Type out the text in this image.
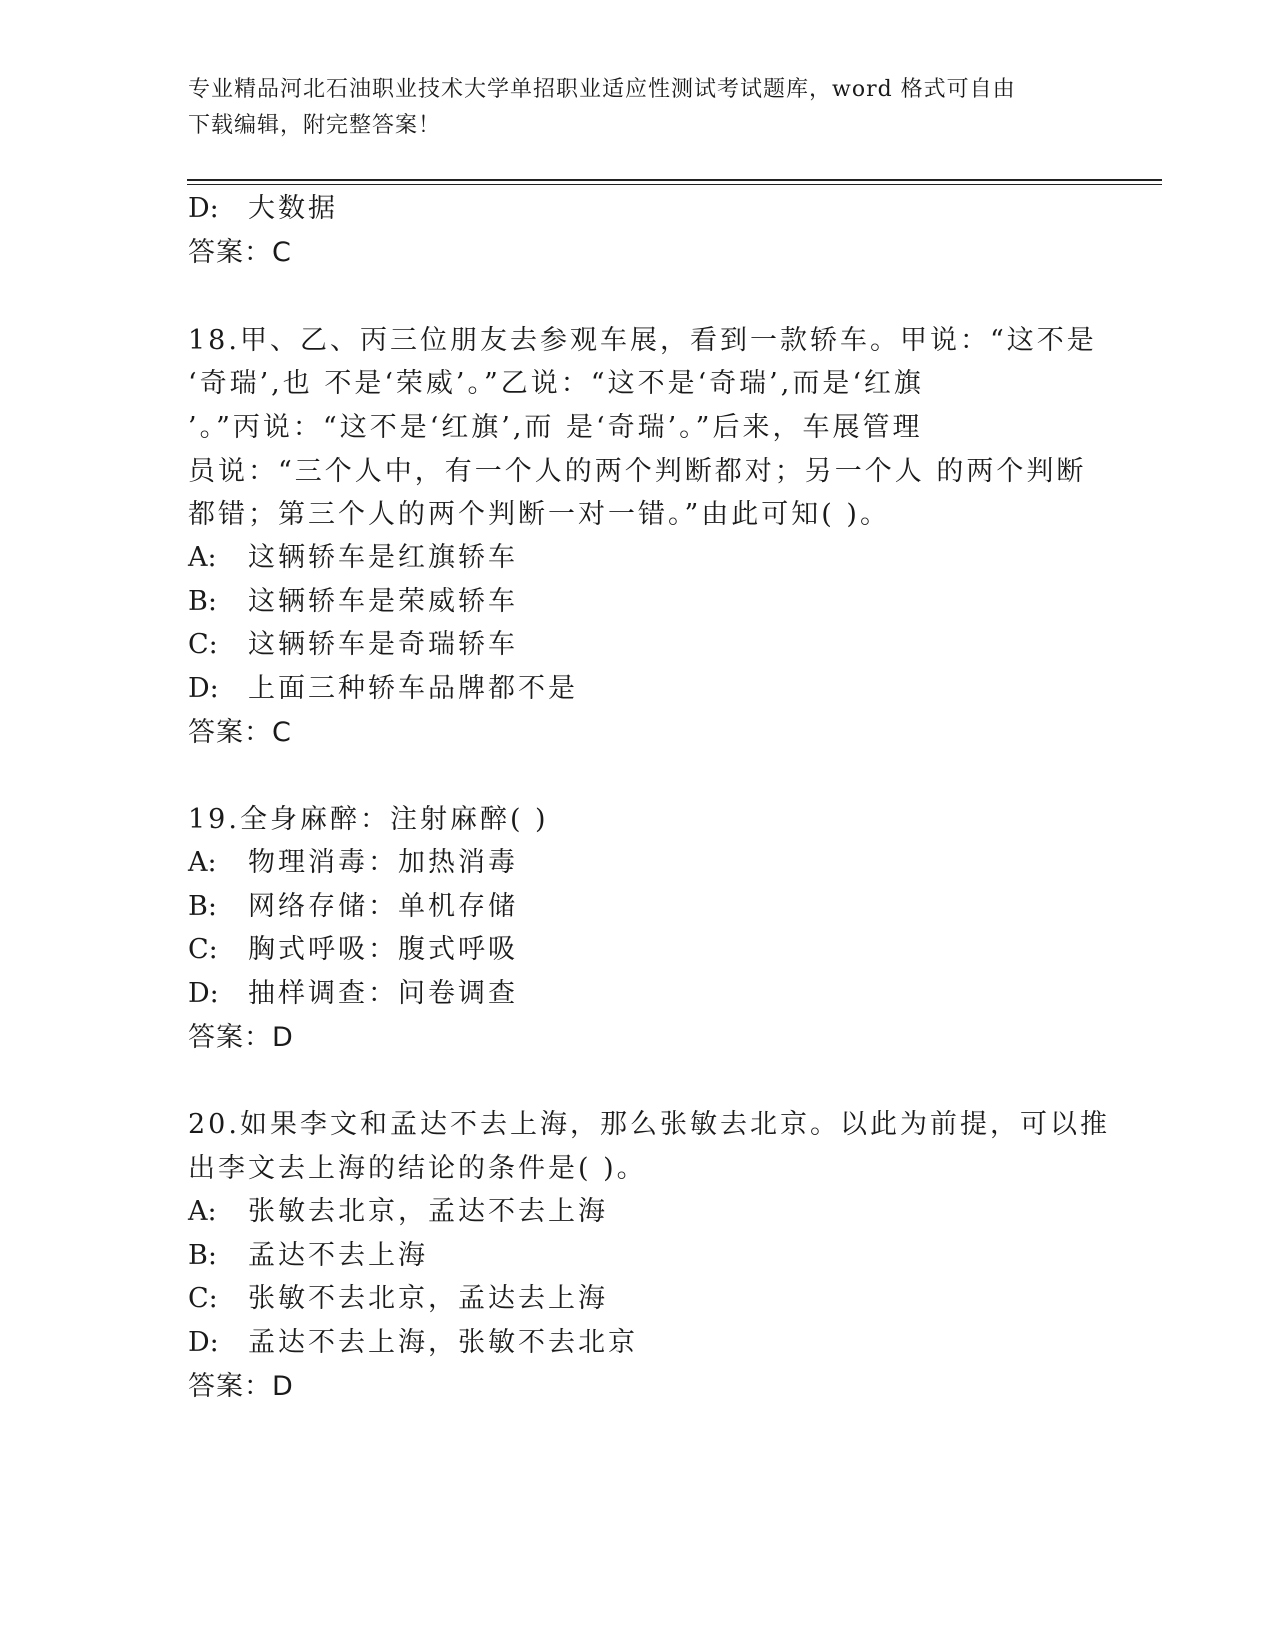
专业精品河北石油职业技术大学单招职业适应性测试考试题库，word 格式可自由
下载编辑，附完整答案！
D: 大数据
答案：C
18.甲、乙、丙三位朋友去参观车展，看到一款轿车。甲说：“这不是
‘奇瑞’,也 不是‘荣威’。”乙说：“这不是‘奇瑞’,而是‘红旗
’。”丙说：“这不是‘红旗’,而 是‘奇瑞’。”后来，车展管理
员说：“三个人中，有一个人的两个判断都对；另一个人 的两个判断
都错；第三个人的两个判断一对一错。”由此可知( )。
A: 这辆轿车是红旗轿车
B: 这辆轿车是荣威轿车
C: 这辆轿车是奇瑞轿车
D: 上面三种轿车品牌都不是
答案：C
19.全身麻醉：注射麻醉( )
A: 物理消毒：加热消毒
B: 网络存储：单机存储
C: 胸式呼吸：腹式呼吸
D: 抽样调查：问卷调查
答案：D
20.如果李文和孟达不去上海，那么张敏去北京。以此为前提，可以推
出李文去上海的结论的条件是( )。
A: 张敏去北京，孟达不去上海
B: 孟达不去上海
C: 张敏不去北京，孟达去上海
D: 孟达不去上海，张敏不去北京
答案：D
